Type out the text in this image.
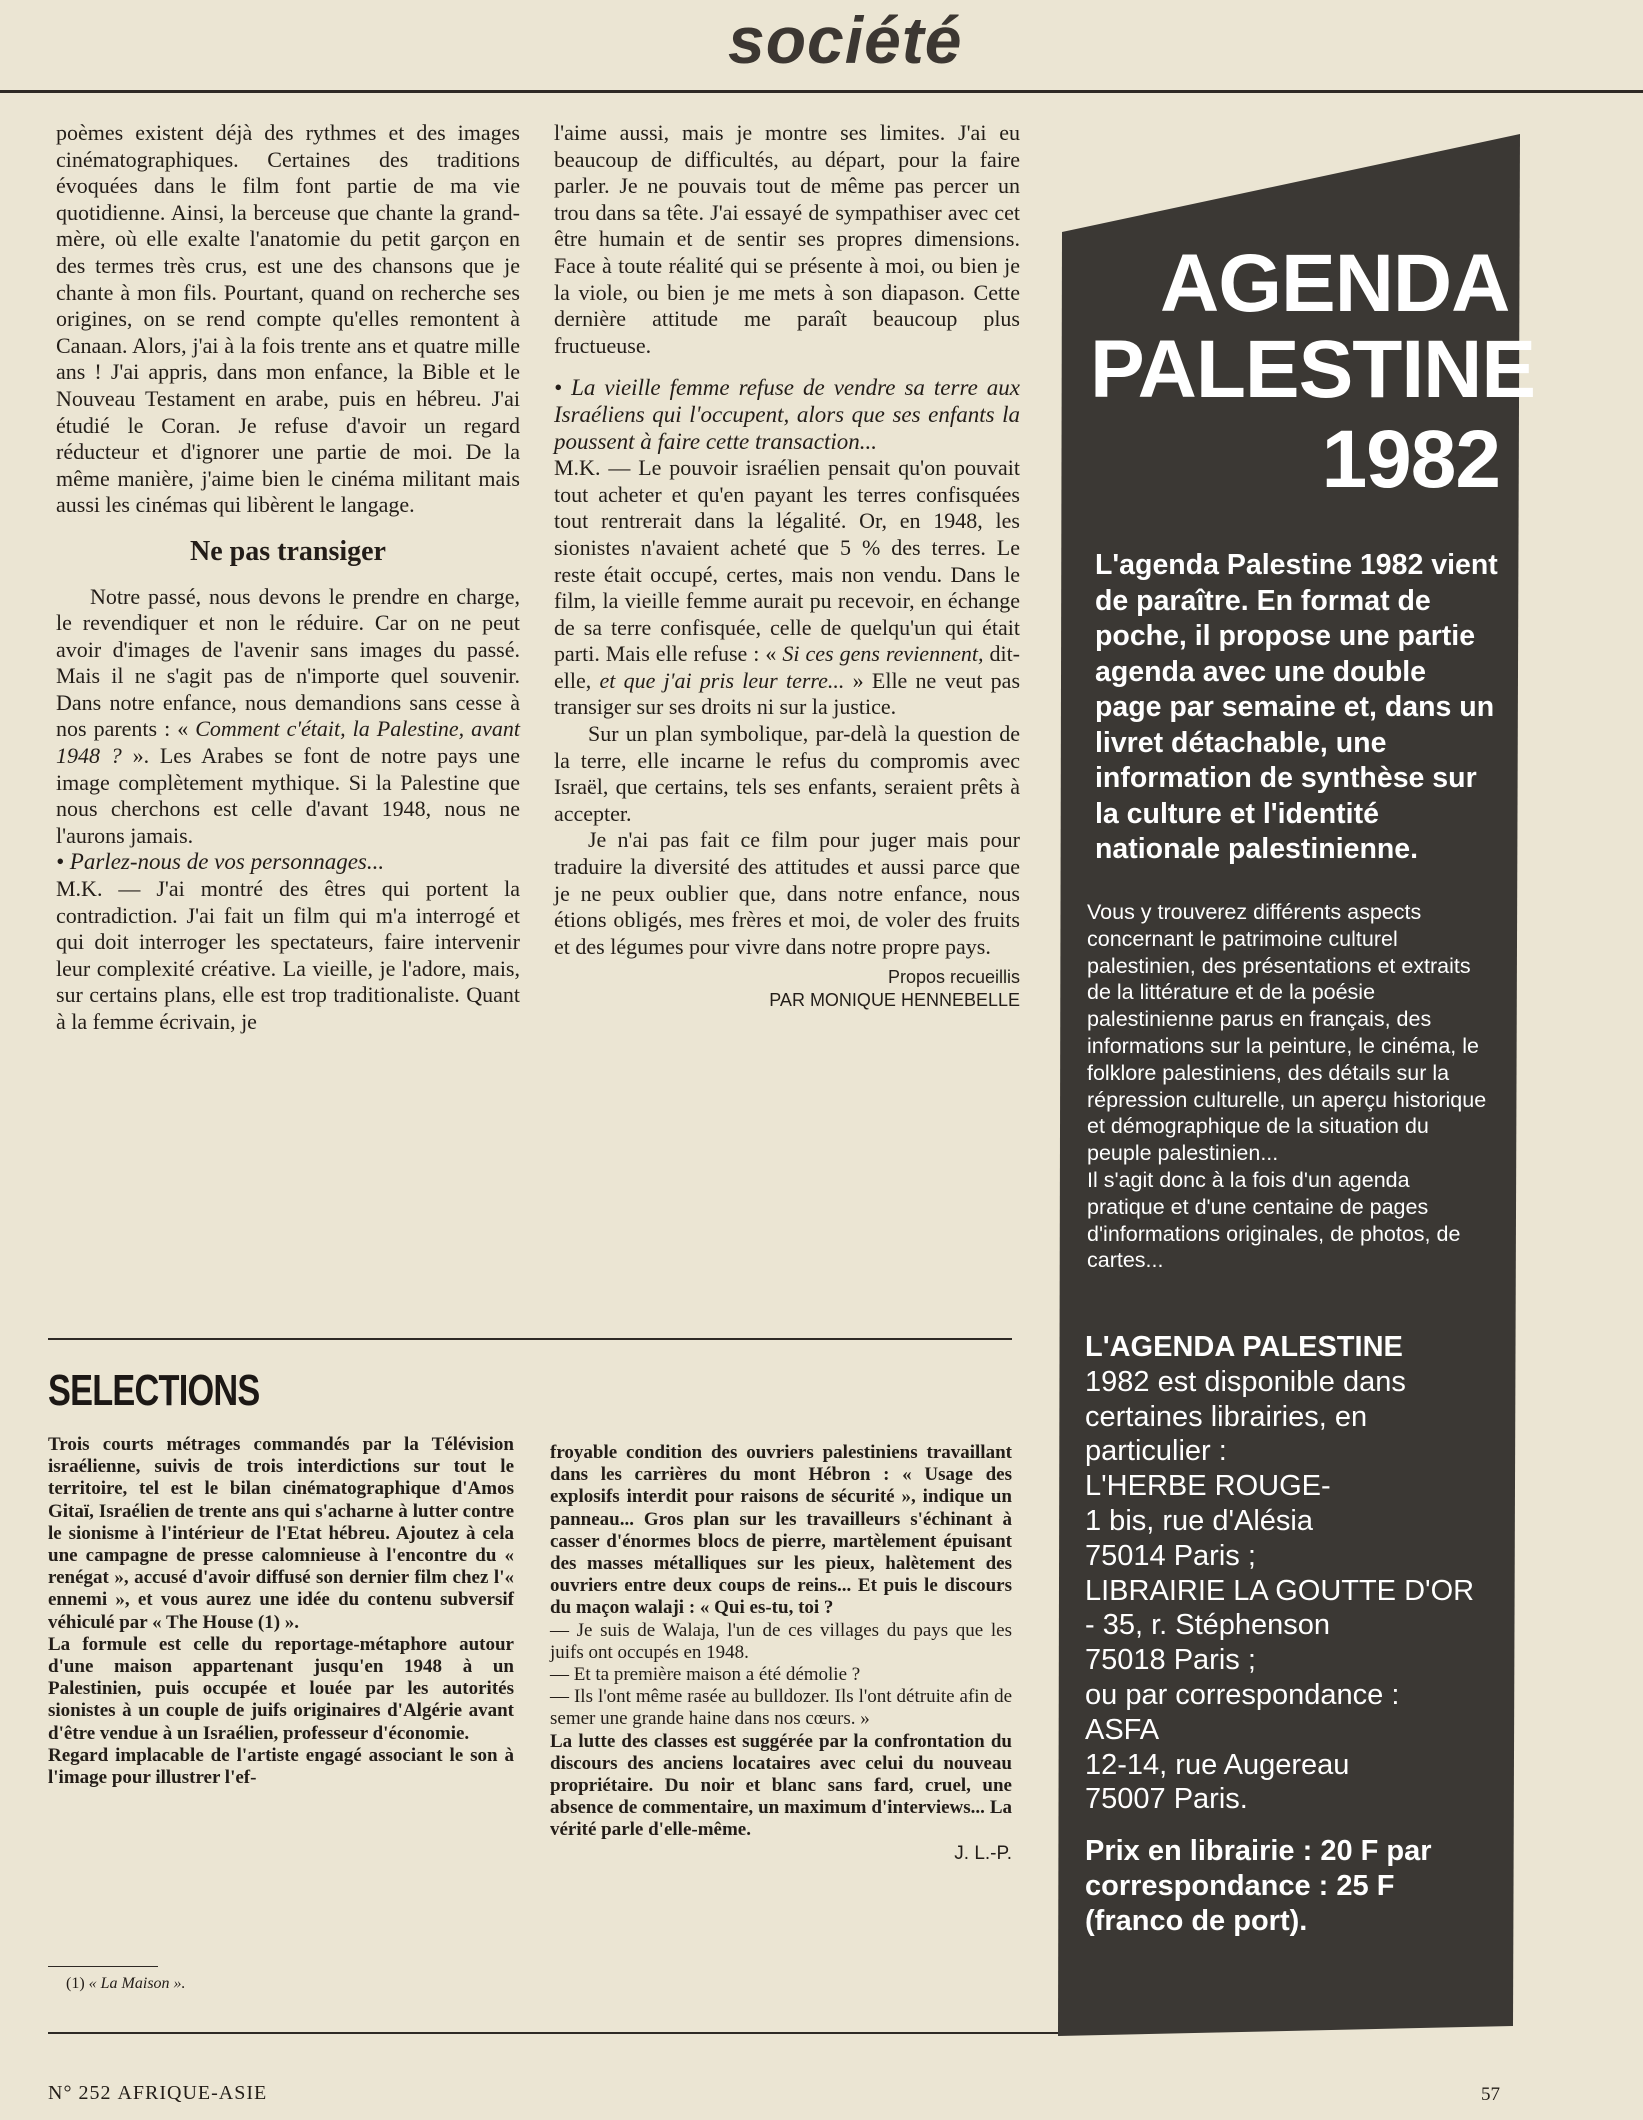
société

poèmes existent déjà des rythmes et des images cinématographiques. Certaines des traditions évoquées dans le film font partie de ma vie quotidienne. Ainsi, la berceuse que chante la grand-mère, où elle exalte l'anatomie du petit garçon en des termes très crus, est une des chansons que je chante à mon fils. Pourtant, quand on recherche ses origines, on se rend compte qu'elles remontent à Canaan. Alors, j'ai à la fois trente ans et quatre mille ans ! J'ai appris, dans mon enfance, la Bible et le Nouveau Testament en arabe, puis en hébreu. J'ai étudié le Coran. Je refuse d'avoir un regard réducteur et d'ignorer une partie de moi. De la même manière, j'aime bien le cinéma militant mais aussi les cinémas qui libèrent le langage.

Ne pas transiger

Notre passé, nous devons le prendre en charge, le revendiquer et non le réduire. Car on ne peut avoir d'images de l'avenir sans images du passé. Mais il ne s'agit pas de n'importe quel souvenir. Dans notre enfance, nous demandions sans cesse à nos parents : « Comment c'était, la Palestine, avant 1948 ? ». Les Arabes se font de notre pays une image complètement mythique. Si la Palestine que nous cherchons est celle d'avant 1948, nous ne l'aurons jamais.

• Parlez-nous de vos personnages...

M.K. — J'ai montré des êtres qui portent la contradiction. J'ai fait un film qui m'a interrogé et qui doit interroger les spectateurs, faire intervenir leur complexité créative. La vieille, je l'adore, mais, sur certains plans, elle est trop traditionaliste. Quant à la femme écrivain, je

l'aime aussi, mais je montre ses limites. J'ai eu beaucoup de difficultés, au départ, pour la faire parler. Je ne pouvais tout de même pas percer un trou dans sa tête. J'ai essayé de sympathiser avec cet être humain et de sentir ses propres dimensions. Face à toute réalité qui se présente à moi, ou bien je la viole, ou bien je me mets à son diapason. Cette dernière attitude me paraît beaucoup plus fructueuse.

• La vieille femme refuse de vendre sa terre aux Israéliens qui l'occupent, alors que ses enfants la poussent à faire cette transaction...

M.K. — Le pouvoir israélien pensait qu'on pouvait tout acheter et qu'en payant les terres confisquées tout rentrerait dans la légalité. Or, en 1948, les sionistes n'avaient acheté que 5 % des terres. Le reste était occupé, certes, mais non vendu. Dans le film, la vieille femme aurait pu recevoir, en échange de sa terre confisquée, celle de quelqu'un qui était parti. Mais elle refuse : « Si ces gens reviennent, dit-elle, et que j'ai pris leur terre... » Elle ne veut pas transiger sur ses droits ni sur la justice.

Sur un plan symbolique, par-delà la question de la terre, elle incarne le refus du compromis avec Israël, que certains, tels ses enfants, seraient prêts à accepter.

Je n'ai pas fait ce film pour juger mais pour traduire la diversité des attitudes et aussi parce que je ne peux oublier que, dans notre enfance, nous étions obligés, mes frères et moi, de voler des fruits et des légumes pour vivre dans notre propre pays.

Propos recueillis
PAR MONIQUE HENNEBELLE
SELECTIONS

Trois courts métrages commandés par la Télévision israélienne, suivis de trois interdictions sur tout le territoire, tel est le bilan cinématographique d'Amos Gitaï, Israélien de trente ans qui s'acharne à lutter contre le sionisme à l'intérieur de l'Etat hébreu. Ajoutez à cela une campagne de presse calomnieuse à l'encontre du « renégat », accusé d'avoir diffusé son dernier film chez l'« ennemi », et vous aurez une idée du contenu subversif véhiculé par « The House (1) ».

La formule est celle du reportage-métaphore autour d'une maison appartenant jusqu'en 1948 à un Palestinien, puis occupée et louée par les autorités sionistes à un couple de juifs originaires d'Algérie avant d'être vendue à un Israélien, professeur d'économie.

Regard implacable de l'artiste engagé associant le son à l'image pour illustrer l'ef-

froyable condition des ouvriers palestiniens travaillant dans les carrières du mont Hébron : « Usage des explosifs interdit pour raisons de sécurité », indique un panneau... Gros plan sur les travailleurs s'échinant à casser d'énormes blocs de pierre, martèlement épuisant des masses métalliques sur les pieux, halètement des ouvriers entre deux coups de reins... Et puis le discours du maçon walaji : « Qui es-tu, toi ?

— Je suis de Walaja, l'un de ces villages du pays que les juifs ont occupés en 1948.

— Et ta première maison a été démolie ?

— Ils l'ont même rasée au bulldozer. Ils l'ont détruite afin de semer une grande haine dans nos cœurs. »

La lutte des classes est suggérée par la confrontation du discours des anciens locataires avec celui du nouveau propriétaire. Du noir et blanc sans fard, cruel, une absence de commentaire, un maximum d'interviews... La vérité parle d'elle-même.

J. L.-P.
(1) « La Maison ».
N° 252 AFRIQUE-ASIE	57
AGENDA
PALESTINE
1982
L'agenda Palestine 1982 vient de paraître. En format de poche, il propose une partie agenda avec une double page par semaine et, dans un livret détachable, une information de synthèse sur la culture et l'identité nationale palestinienne.
Vous y trouverez différents aspects concernant le patrimoine culturel palestinien, des présentations et extraits de la littérature et de la poésie palestinienne parus en français, des informations sur la peinture, le cinéma, le folklore palestiniens, des détails sur la répression culturelle, un aperçu historique et démographique de la situation du peuple palestinien...
Il s'agit donc à la fois d'un agenda pratique et d'une centaine de pages d'informations originales, de photos, de cartes...
L'AGENDA PALESTINE
1982 est disponible dans certaines librairies, en particulier :
L'HERBE ROUGE-
1 bis, rue d'Alésia
75014 Paris ;
LIBRAIRIE LA GOUTTE D'OR - 35, r. Stéphenson
75018 Paris ;
ou par correspondance :
ASFA
12-14, rue Augereau
75007 Paris.
Prix en librairie : 20 F par correspondance : 25 F (franco de port).
